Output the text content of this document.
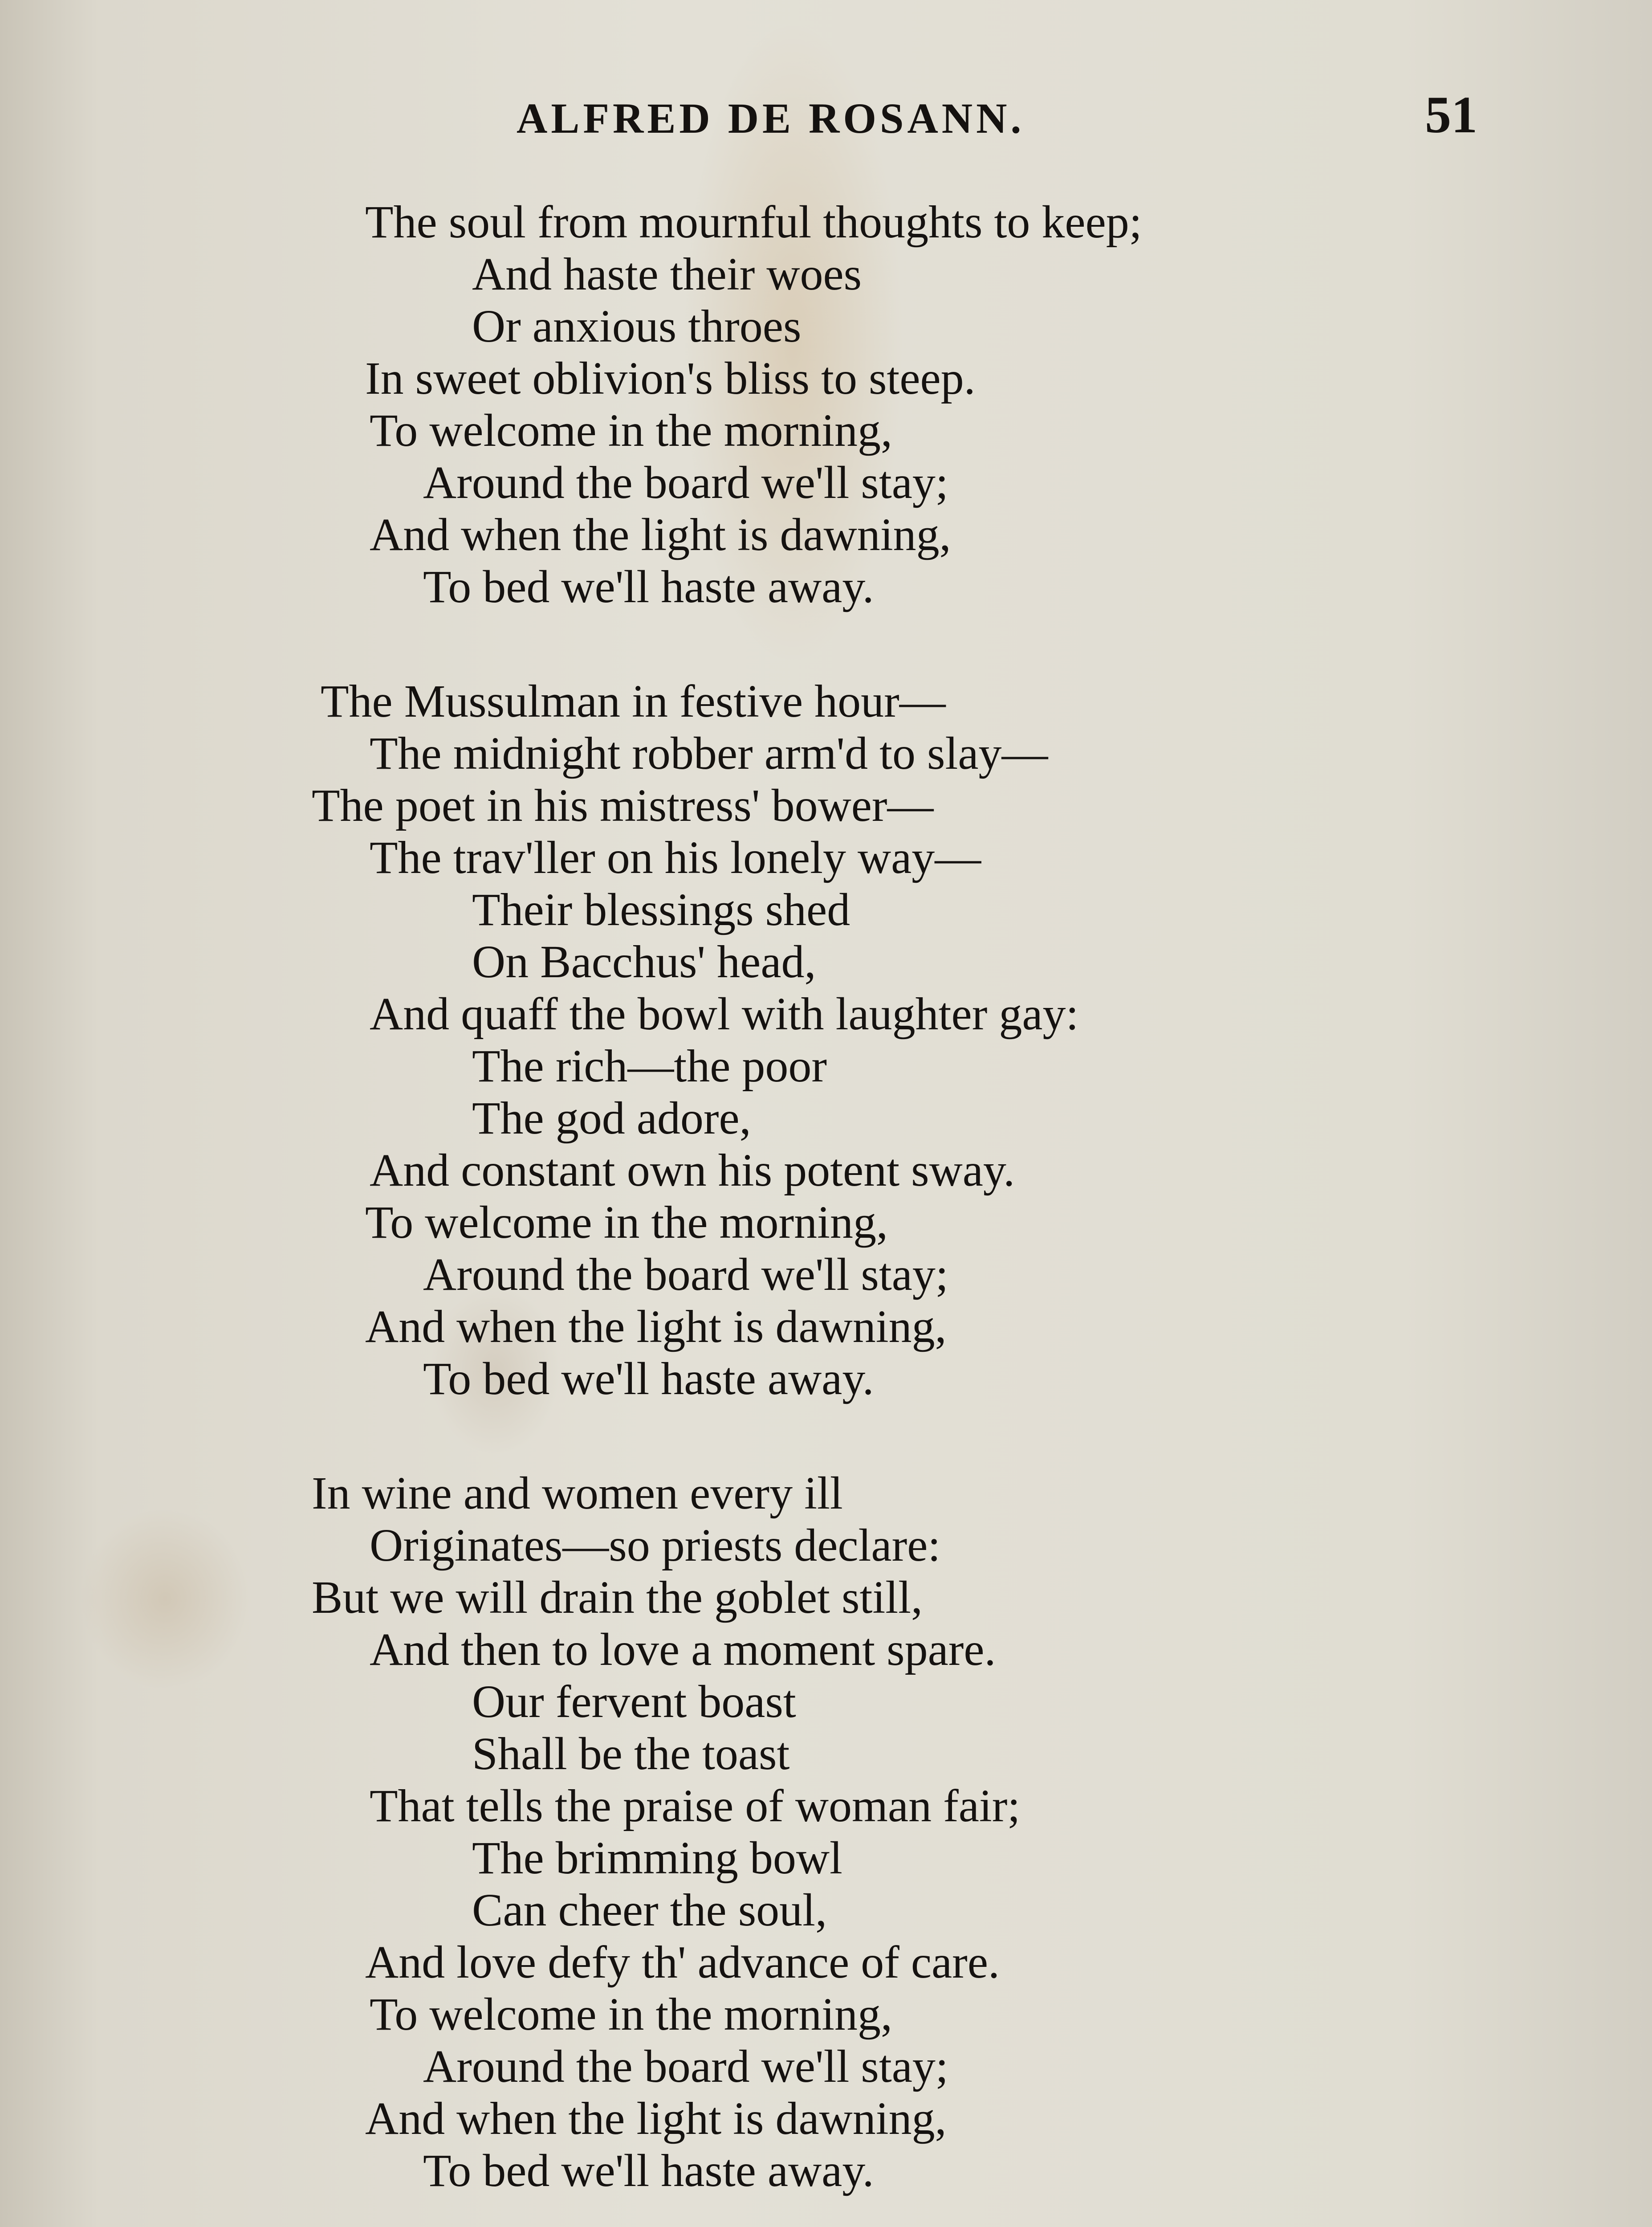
ALFRED DE ROSANN.	51
The soul from mournful thoughts to keep;
And haste their woes
Or anxious throes
In sweet oblivion's bliss to steep.
To welcome in the morning,
Around the board we'll stay;
And when the light is dawning,
To bed we'll haste away.
The Mussulman in festive hour—
The midnight robber arm'd to slay—
The poet in his mistress' bower—
The trav'ller on his lonely way—
Their blessings shed
On Bacchus' head,
And quaff the bowl with laughter gay:
The rich—the poor
The god adore,
And constant own his potent sway.
To welcome in the morning,
Around the board we'll stay;
And when the light is dawning,
To bed we'll haste away.
In wine and women every ill
Originates—so priests declare:
But we will drain the goblet still,
And then to love a moment spare.
Our fervent boast
Shall be the toast
That tells the praise of woman fair;
The brimming bowl
Can cheer the soul,
And love defy th' advance of care.
To welcome in the morning,
Around the board we'll stay;
And when the light is dawning,
To bed we'll haste away.
